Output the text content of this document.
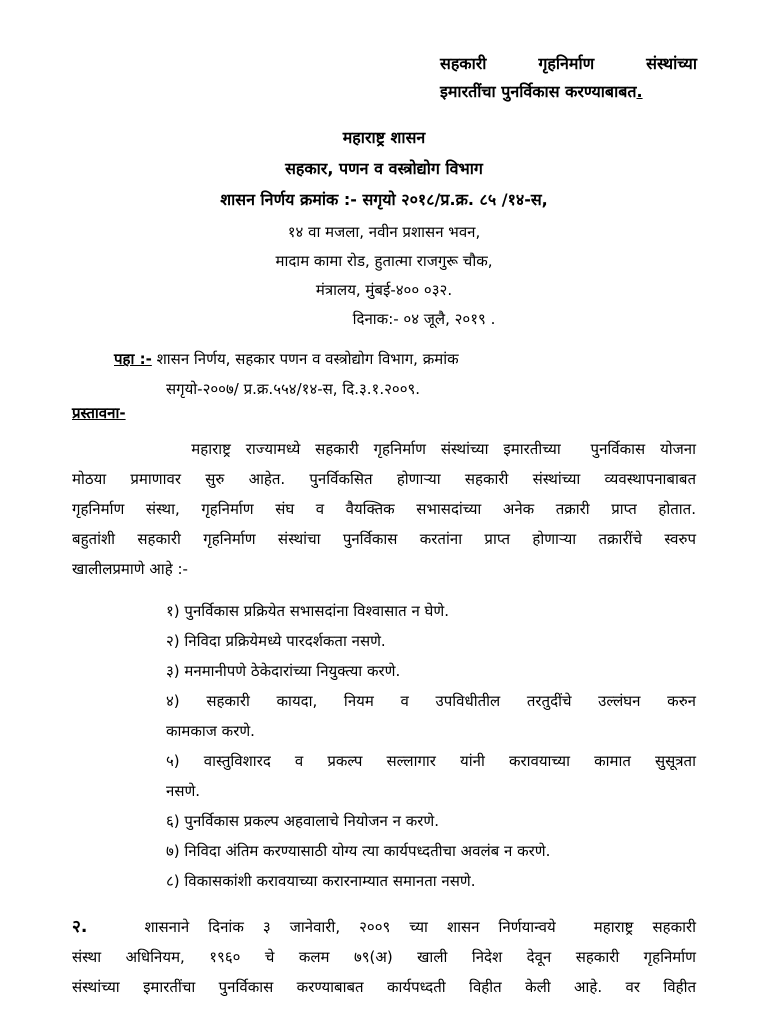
सहकारी	गृहनिर्माण	संस्थांच्या
इमारतींचा पुनर्विकास करण्याबाबत.
महाराष्ट्र शासन
सहकार, पणन व वस्त्रोद्योग विभाग
शासन निर्णय क्रमांक :- सगृयो २०१८/प्र.क्र. ८५ /१४-स,
१४ वा मजला, नवीन प्रशासन भवन,
मादाम कामा रोड, हुतात्मा राजगुरू चौक,
मंत्रालय, मुंबई-४०० ०३२.
दिनाक:- ०४ जूलै, २०१९ .
पहा :- शासन निर्णय, सहकार पणन व वस्त्रोद्योग विभाग, क्रमांक
सगृयो-२००७/ प्र.क्र.५५४/१४-स, दि.३.१.२००९.
प्रस्तावना-
महाराष्ट्र राज्यामध्ये सहकारी गृहनिर्माण संस्थांच्या इमारतीच्या  पुनर्विकास योजना
मोठया प्रमाणावर सुरु आहेत. पुनर्विकसित होणाऱ्या सहकारी संस्थांच्या व्यवस्थापनाबाबत
गृहनिर्माण संस्था, गृहनिर्माण संघ व वैयक्तिक सभासदांच्या अनेक तक्रारी प्राप्त होतात.
बहुतांशी सहकारी गृहनिर्माण संस्थांचा पुनर्विकास करतांना प्राप्त होणाऱ्या तक्रारींचे स्वरुप
खालीलप्रमाणे आहे :-
१) पुनर्विकास प्रक्रियेत सभासदांना विश्वासात न घेणे.
२) निविदा प्रक्रियेमध्ये पारदर्शकता नसणे.
३) मनमानीपणे ठेकेदारांच्या नियुक्त्या करणे.
४) सहकारी कायदा, नियम व उपविधीतील तरतुदींचे उल्लंघन करुन
कामकाज करणे.
५) वास्तुविशारद व प्रकल्प सल्लागार यांनी करावयाच्या कामात सुसूत्रता
नसणे.
६) पुनर्विकास प्रकल्प अहवालाचे नियोजन न करणे.
७) निविदा अंतिम करण्यासाठी योग्य त्या कार्यपध्दतीचा अवलंब न करणे.
८) विकासकांशी करावयाच्या करारनाम्यात समानता नसणे.
२.   शासनाने दिनांक ३ जानेवारी, २००९ च्या शासन निर्णयान्वये  महाराष्ट्र सहकारी
संस्था अधिनियम, १९६० चे कलम ७९(अ) खाली निदेश देवून सहकारी गृहनिर्माण
संस्थांच्या इमारतींचा पुनर्विकास करण्याबाबत कार्यपध्दती विहीत केली आहे. वर विहीत
